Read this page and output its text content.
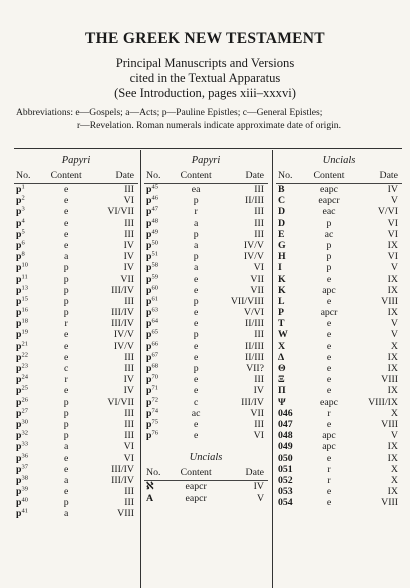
THE GREEK NEW TESTAMENT
Principal Manuscripts and Versions
cited in the Textual Apparatus
(See Introduction, pages xiii–xxxvi)
Abbreviations: e—Gospels; a—Acts; p—Pauline Epistles; c—General Epistles;
r—Revelation. Roman numerals indicate approximate date of origin.
Papyri
No.	Content	Date
$p^1$	e	III
$p^2$	e	VI
$p^3$	e	VI/VII
$p^4$	e	III
$p^5$	e	III
$p^6$	e	IV
$p^8$	a	IV
$p^{10}$	p	IV
$p^{11}$	p	VII
$p^{13}$	p	III/IV
$p^{15}$	p	III
$p^{16}$	p	III/IV
$p^{18}$	r	III/IV
$p^{19}$	e	IV/V
$p^{21}$	e	IV/V
$p^{22}$	e	III
$p^{23}$	c	III
$p^{24}$	r	IV
$p^{25}$	e	IV
$p^{26}$	p	VI/VII
$p^{27}$	p	III
$p^{30}$	p	III
$p^{32}$	p	III
$p^{33}$	a	VI
$p^{36}$	e	VI
$p^{37}$	e	III/IV
$p^{38}$	a	III/IV
$p^{39}$	e	III
$p^{40}$	p	III
$p^{41}$	a	VIII
Papyri
No.	Content	Date
$p^{45}$	ea	III
$p^{46}$	p	II/III
$p^{47}$	r	III
$p^{48}$	a	III
$p^{49}$	p	III
$p^{50}$	a	IV/V
$p^{51}$	p	IV/V
$p^{58}$	a	VI
$p^{59}$	e	VII
$p^{60}$	e	VII
$p^{61}$	p	VII/VIII
$p^{63}$	e	V/VI
$p^{64}$	e	II/III
$p^{65}$	p	III
$p^{66}$	e	II/III
$p^{67}$	e	II/III
$p^{68}$	p	VII?
$p^{70}$	e	III
$p^{71}$	e	IV
$p^{72}$	c	III/IV
$p^{74}$	ac	VII
$p^{75}$	e	III
$p^{76}$	e	VI
Uncials
No.	Content	Date
ℵ	eapcr	IV
A	eapcr	V
Uncials
No.	Content	Date
B	eapc	IV
C	eapcr	V
D	eac	V/VI
D	p	VI
E	ac	VI
G	p	IX
H	p	VI
I	p	V
K	e	IX
K	apc	IX
L	e	VIII
P	apcr	IX
T	e	V
W	e	V
X	e	X
Δ	e	IX
Θ	e	IX
Ξ	e	VIII
Π	e	IX
Ψ	eapc	VIII/IX
046	r	X
047	e	VIII
048	apc	V
049	apc	IX
050	e	IX
051	r	X
052	r	X
053	e	IX
054	e	VIII
